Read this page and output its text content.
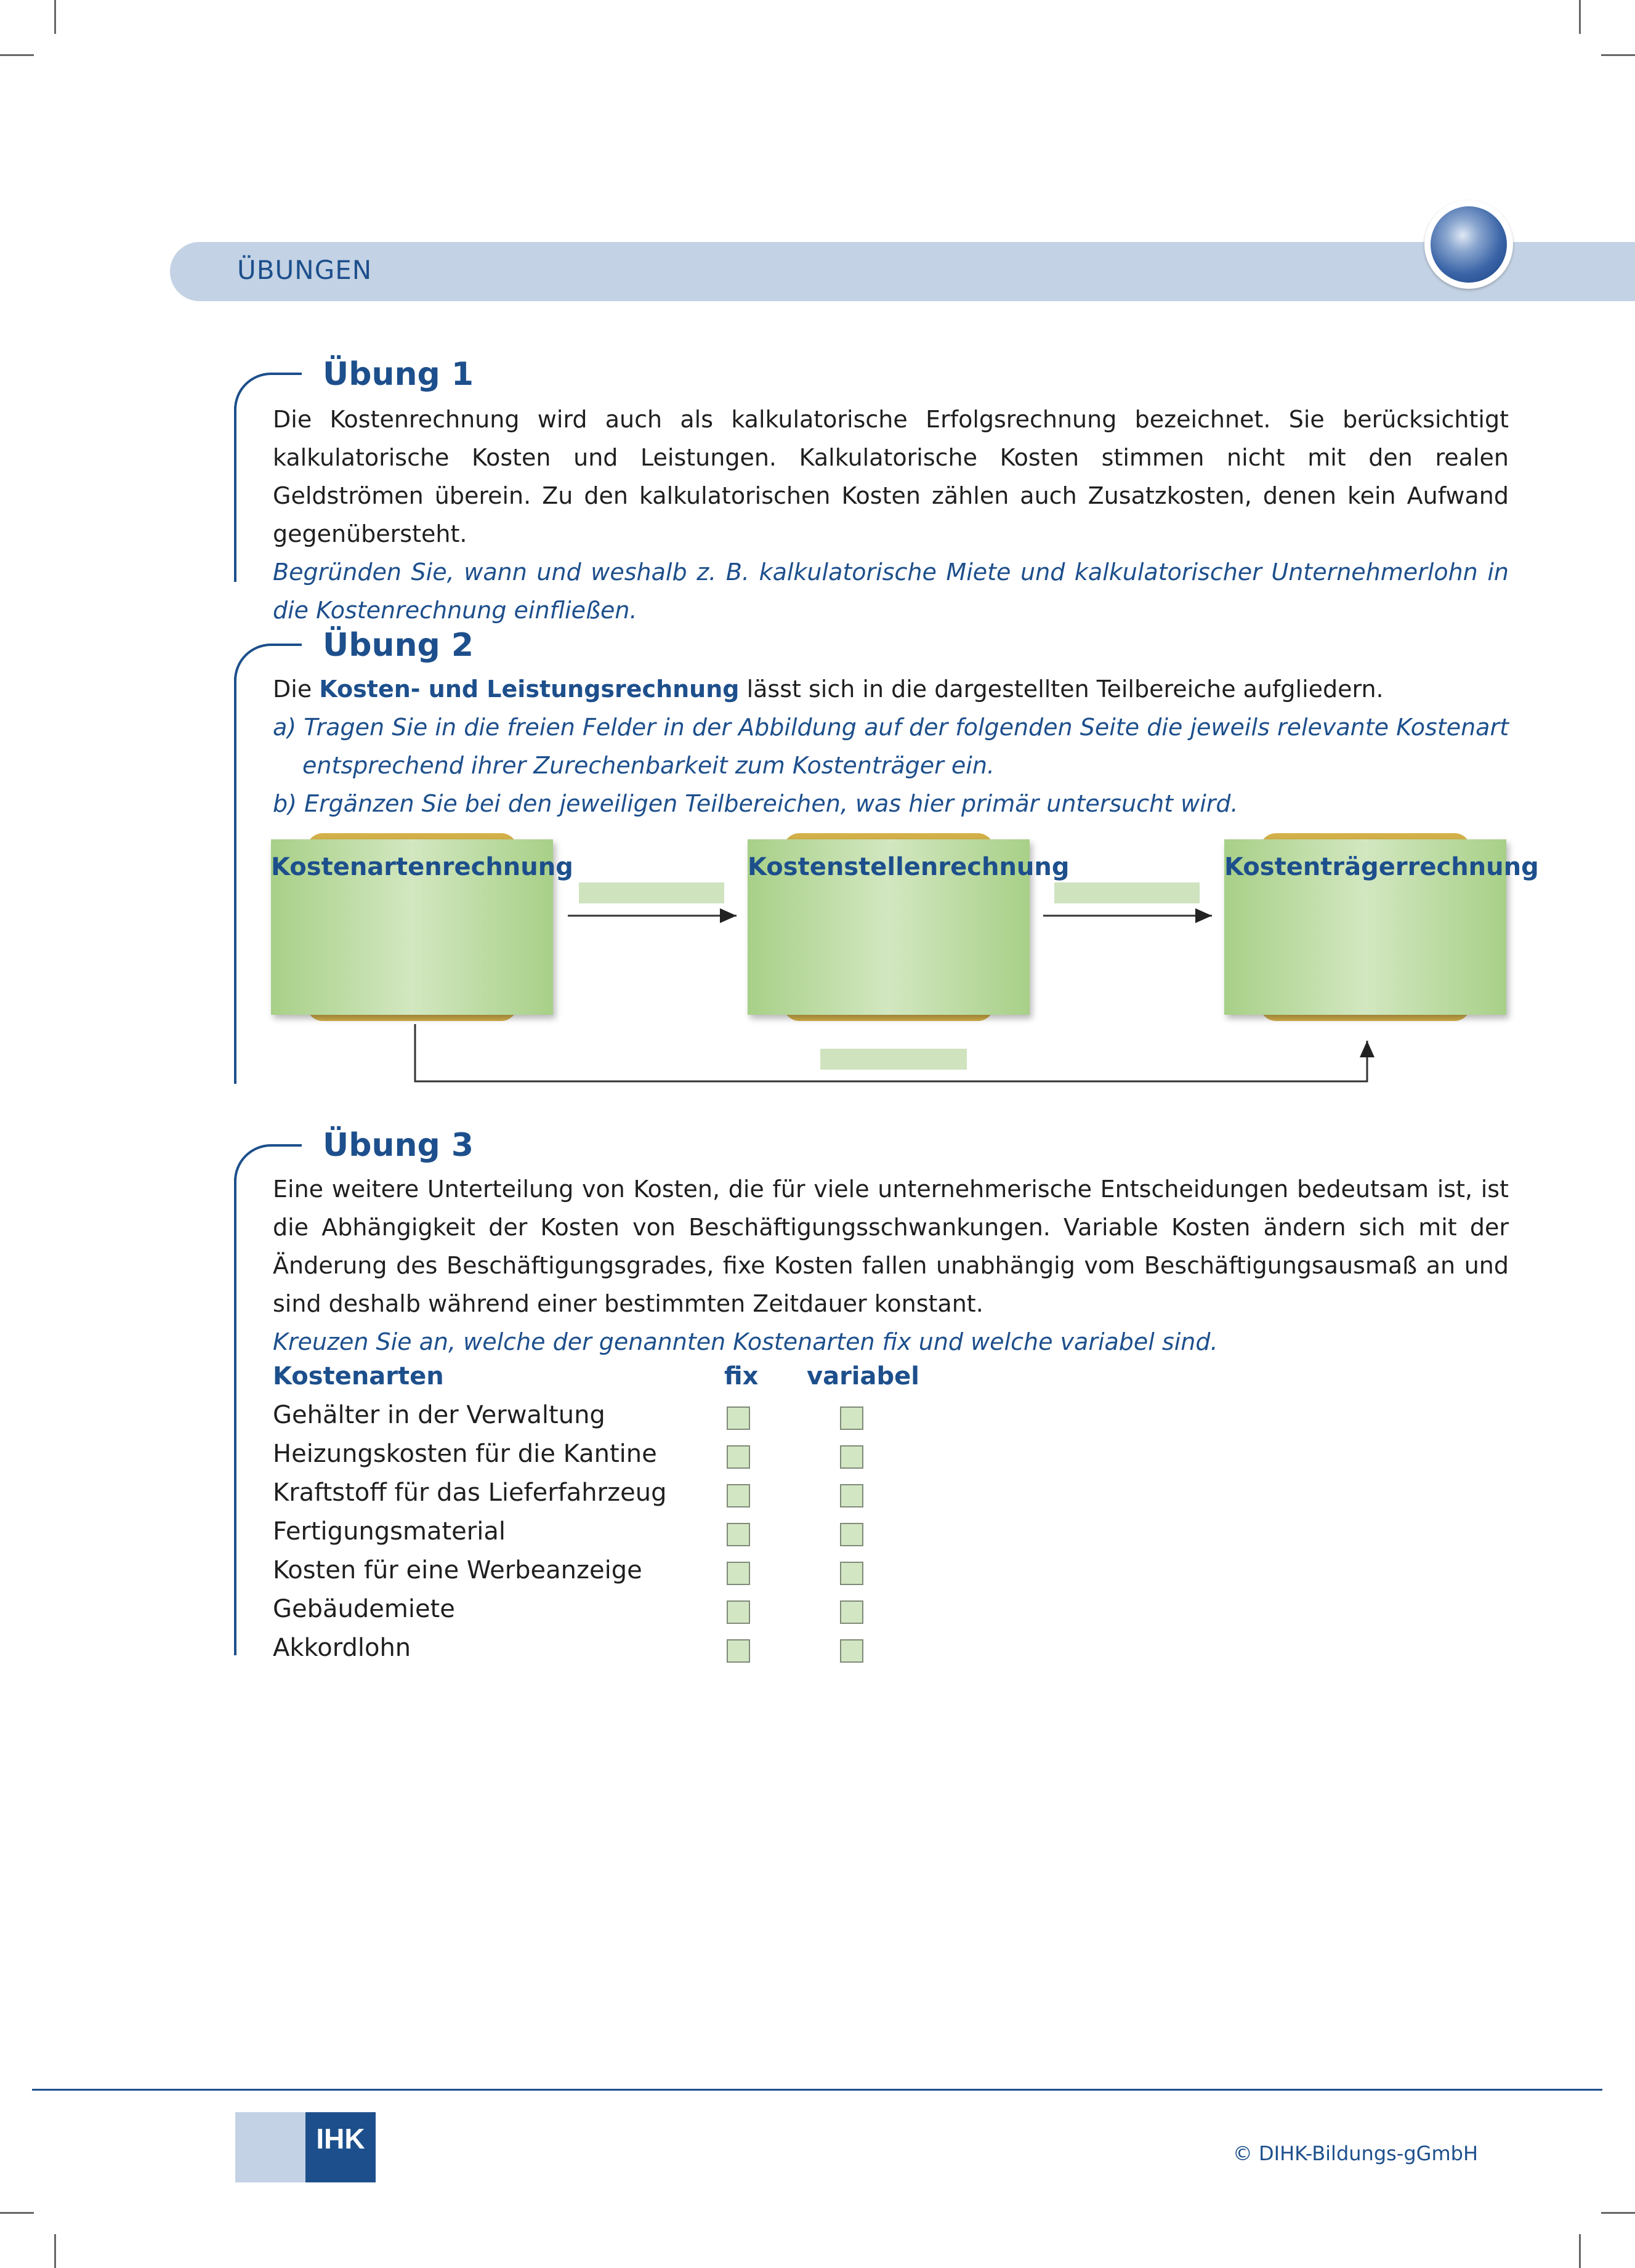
ÜBUNGEN
Übung 1

Die Kostenrechnung wird auch als kalkulatorische Erfolgsrechnung bezeichnet. Sie berücksichtigt kalkulatorische Kosten und Leistungen. Kalkulatorische Kosten stimmen nicht mit den realen Geldströmen überein. Zu den kalkulatorischen Kosten zählen auch Zusatzkosten, denen kein Aufwand gegenübersteht.

Begründen Sie, wann und weshalb z. B. kalkulatorische Miete und kalkulatorischer Unternehmerlohn in die Kostenrechnung einfließen.

Übung 2

Die Kosten- und Leistungsrechnung lässt sich in die dargestellten Teilbereiche aufgliedern.

a) Tragen Sie in die freien Felder in der Abbildung auf der folgenden Seite die jeweils relevante Kostenart entsprechend ihrer Zurechenbarkeit zum Kostenträger ein.

b) Ergänzen Sie bei den jeweiligen Teilbereichen, was hier primär untersucht wird.

Kostenartenrechnung	Kostenstellenrechnung	Kostenträgerrechnung
Übung 3

Eine weitere Unterteilung von Kosten, die für viele unternehmerische Entscheidungen bedeutsam ist, ist die Abhängigkeit der Kosten von Beschäftigungsschwankungen. Variable Kosten ändern sich mit der Änderung des Beschäftigungsgrades, fixe Kosten fallen unabhängig vom Beschäftigungsausmaß an und sind deshalb während einer bestimmten Zeitdauer konstant.

Kreuzen Sie an, welche der genannten Kostenarten fix und welche variabel sind.

Kostenarten	fix variabel
Gehälter in der Verwaltung
Heizungskosten für die Kantine
Kraftstoff für das Lieferfahrzeug
Fertigungsmaterial
Kosten für eine Werbeanzeige
Gebäudemiete
Akkordlohn
IHK	© DIHK-Bildungs-gGmbH
